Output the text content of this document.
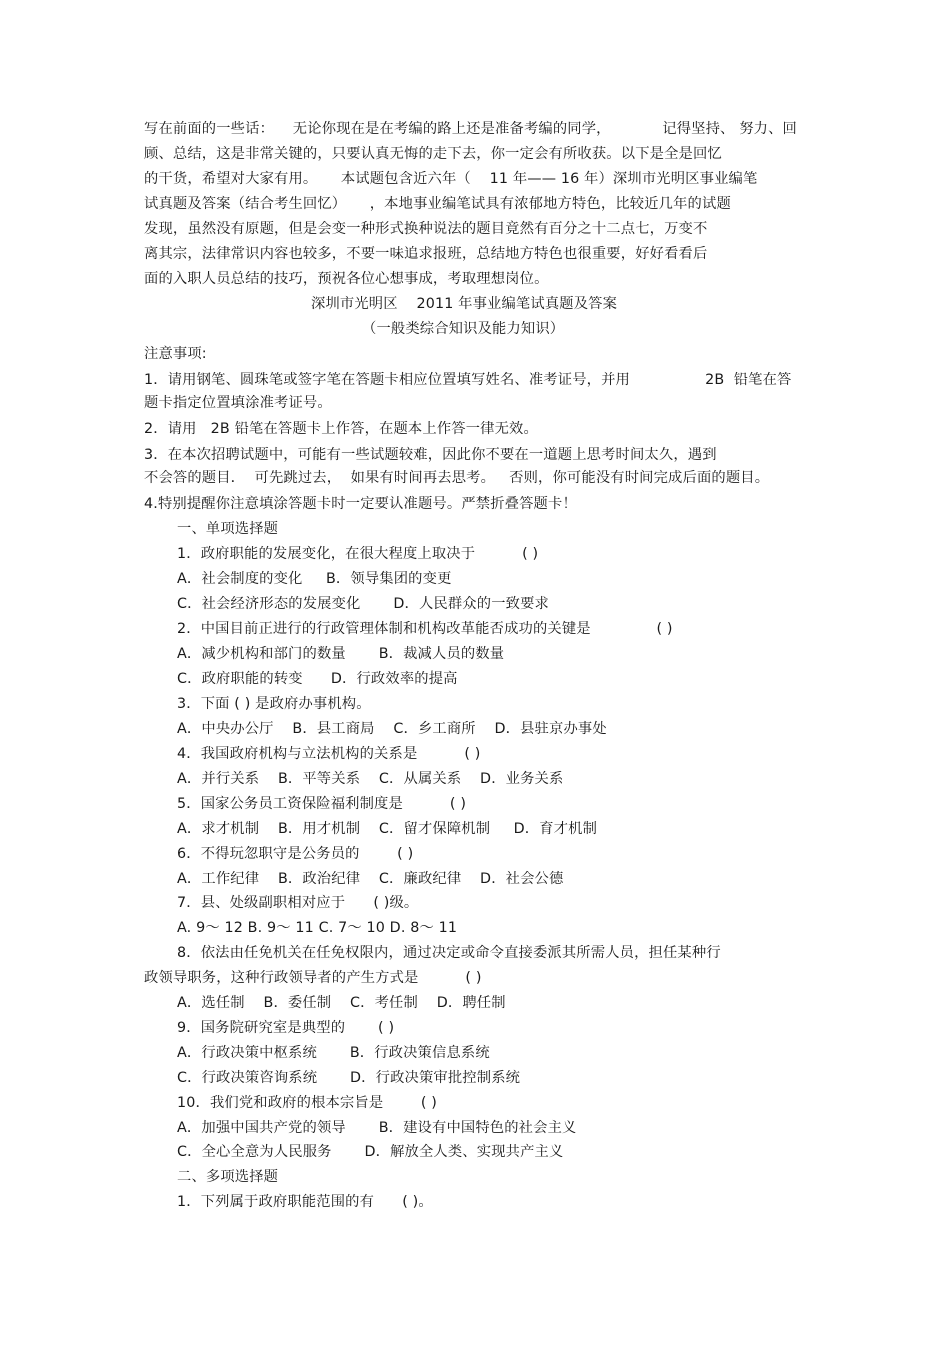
写在前面的一些话：    无论你现在是在考编的路上还是准备考编的同学，           记得坚持、 努力、回
顾、总结，这是非常关键的，只要认真无悔的走下去，你一定会有所收获。以下是全是回忆
的干货，希望对大家有用。     本试题包含近六年（    11 年—— 16 年）深圳市光明区事业编笔
试真题及答案（结合考生回忆）     ，本地事业编笔试具有浓郁地方特色，比较近几年的试题
发现，虽然没有原题，但是会变一种形式换种说法的题目竟然有百分之十二点七，万变不
离其宗，法律常识内容也较多，不要一味追求报班，总结地方特色也很重要，好好看看后
面的入职人员总结的技巧，预祝各位心想事成，考取理想岗位。
深圳市光明区    2011 年事业编笔试真题及答案
（一般类综合知识及能力知识）
注意事项:
1．请用钢笔、圆珠笔或签字笔在答题卡相应位置填写姓名、准考证号，并用                2B  铅笔在答
题卡指定位置填涂准考证号。
2．请用   2B 铅笔在答题卡上作答，在题本上作答一律无效。
3．在本次招聘试题中，可能有一些试题较难，因此你不要在一道题上思考时间太久，遇到
不会答的题目．  可先跳过去，  如果有时间再去思考。   否则，你可能没有时间完成后面的题目。
4.特别提醒你注意填涂答题卡时一定要认准题号。严禁折叠答题卡！
一、单项选择题
1．政府职能的发展变化，在很大程度上取决于          ( )
A．社会制度的变化     B．领导集团的变更
C．社会经济形态的发展变化       D．人民群众的一致要求
2．中国目前正进行的行政管理体制和机构改革能否成功的关键是              ( )
A．减少机构和部门的数量       B．裁减人员的数量
C．政府职能的转变      D．行政效率的提高
3．下面 ( ) 是政府办事机构。
A．中央办公厅    B．县工商局    C．乡工商所    D．县驻京办事处
4．我国政府机构与立法机构的关系是          ( )
A．并行关系    B．平等关系    C．从属关系    D．业务关系
5．国家公务员工资保险福利制度是          ( )
A．求才机制    B．用才机制    C．留才保障机制     D．育才机制
6．不得玩忽职守是公务员的        ( )
A．工作纪律    B．政治纪律    C．廉政纪律    D．社会公德
7．县、处级副职相对应于      ( )级。
A. 9～ 12 B. 9～ 11 C. 7～ 10 D. 8～ 11
8．依法由任免机关在任免权限内，通过决定或命令直接委派其所需人员，担任某种行
政领导职务，这种行政领导者的产生方式是          ( )
A．选任制    B．委任制    C．考任制    D．聘任制
9．国务院研究室是典型的       ( )
A．行政决策中枢系统       B．行政决策信息系统
C．行政决策咨询系统       D．行政决策审批控制系统
10．我们党和政府的根本宗旨是        ( )
A．加强中国共产党的领导       B．建设有中国特色的社会主义
C．全心全意为人民服务       D．解放全人类、实现共产主义
二、多项选择题
1．下列属于政府职能范围的有      ( )。
